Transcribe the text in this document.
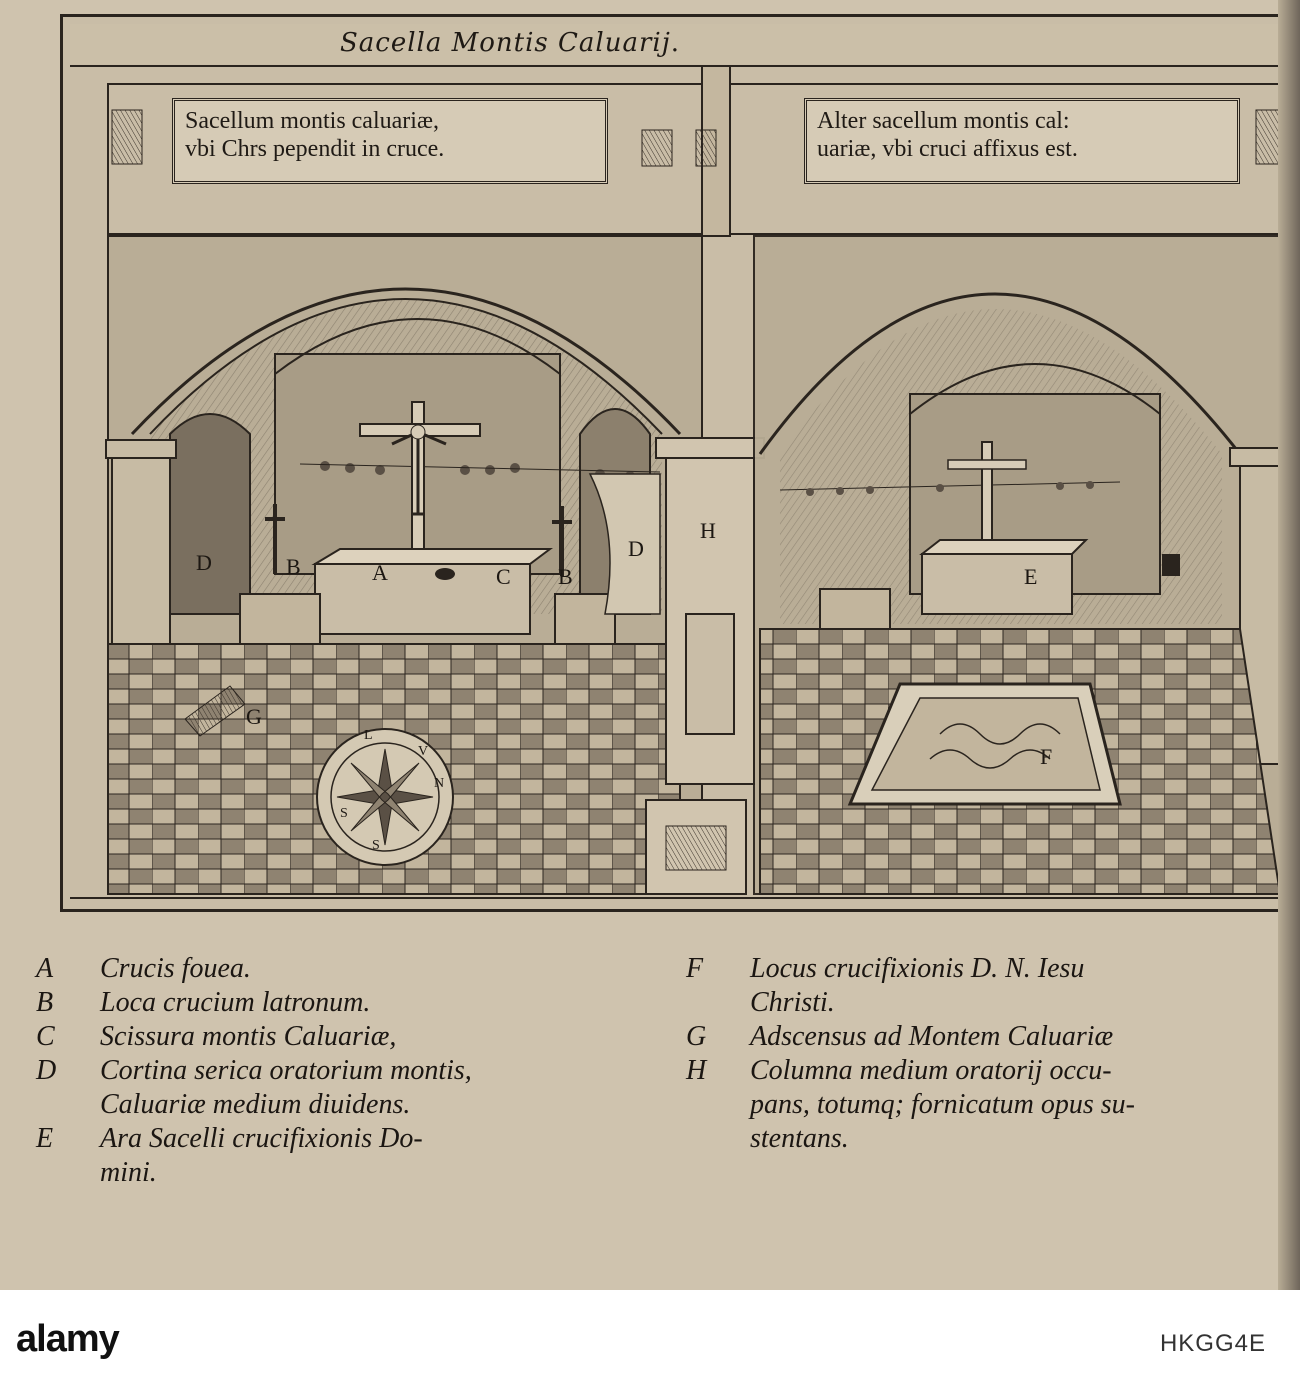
Sacella Montis Caluarij.
Sacellum montis caluariæ,
vbi Chrs pependit in cruce.
Alter sacellum montis cal:
uariæ, vbi cruci affixus est.
A
B	B
C
D
D
E
F
G
H
V
N
S
S
L
A	Crucis fouea.
B	Loca crucium latronum.
C	Scissura montis Caluariæ,
D	Cortina serica oratorium montis,
Caluariæ medium diuidens.
E	Ara Sacelli crucifixionis Do-
mini.
F	Locus crucifixionis D. N. Iesu
Christi.
G	Adscensus ad Montem Caluariæ
H	Columna medium oratorij occu-
pans, totumq; fornicatum opus su-
stentans.
alamy	HKGG4E
